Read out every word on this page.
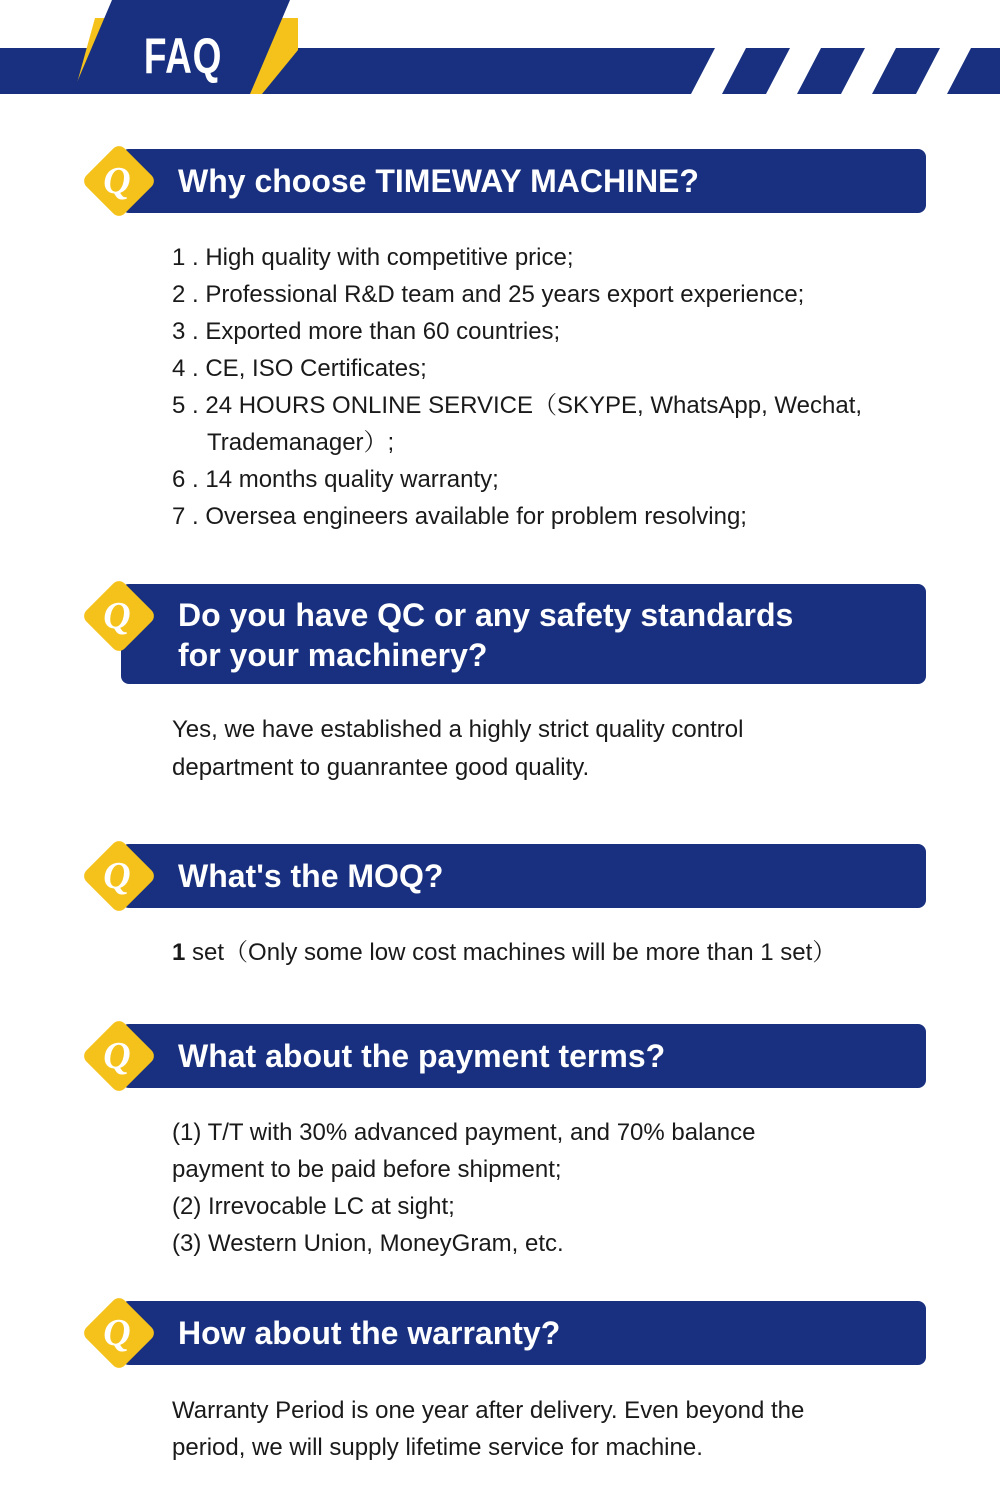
FAQ
Q Why choose TIMEWAY MACHINE?
1 . High quality with competitive price;
2 . Professional R&D team and 25 years export experience;
3 . Exported more than 60 countries;
4 . CE, ISO Certificates;
5 . 24 HOURS ONLINE SERVICE（SKYPE, WhatsApp, Wechat,
Trademanager）;
6 . 14 months quality warranty;
7 . Oversea engineers available for problem resolving;
Q Do you have QC or any safety standards
for your machinery?

Yes, we have established a highly strict quality control

department to guanrantee good quality.

Q What's the MOQ?

1 set（Only some low cost machines will be more than 1 set）

Q What about the payment terms?

(1) T/T with 30% advanced payment, and 70% balance

payment to be paid before shipment;

(2) Irrevocable LC at sight;

(3) Western Union, MoneyGram, etc.

Q How about the warranty?

Warranty Period is one year after delivery. Even beyond the

period, we will supply lifetime service for machine.
